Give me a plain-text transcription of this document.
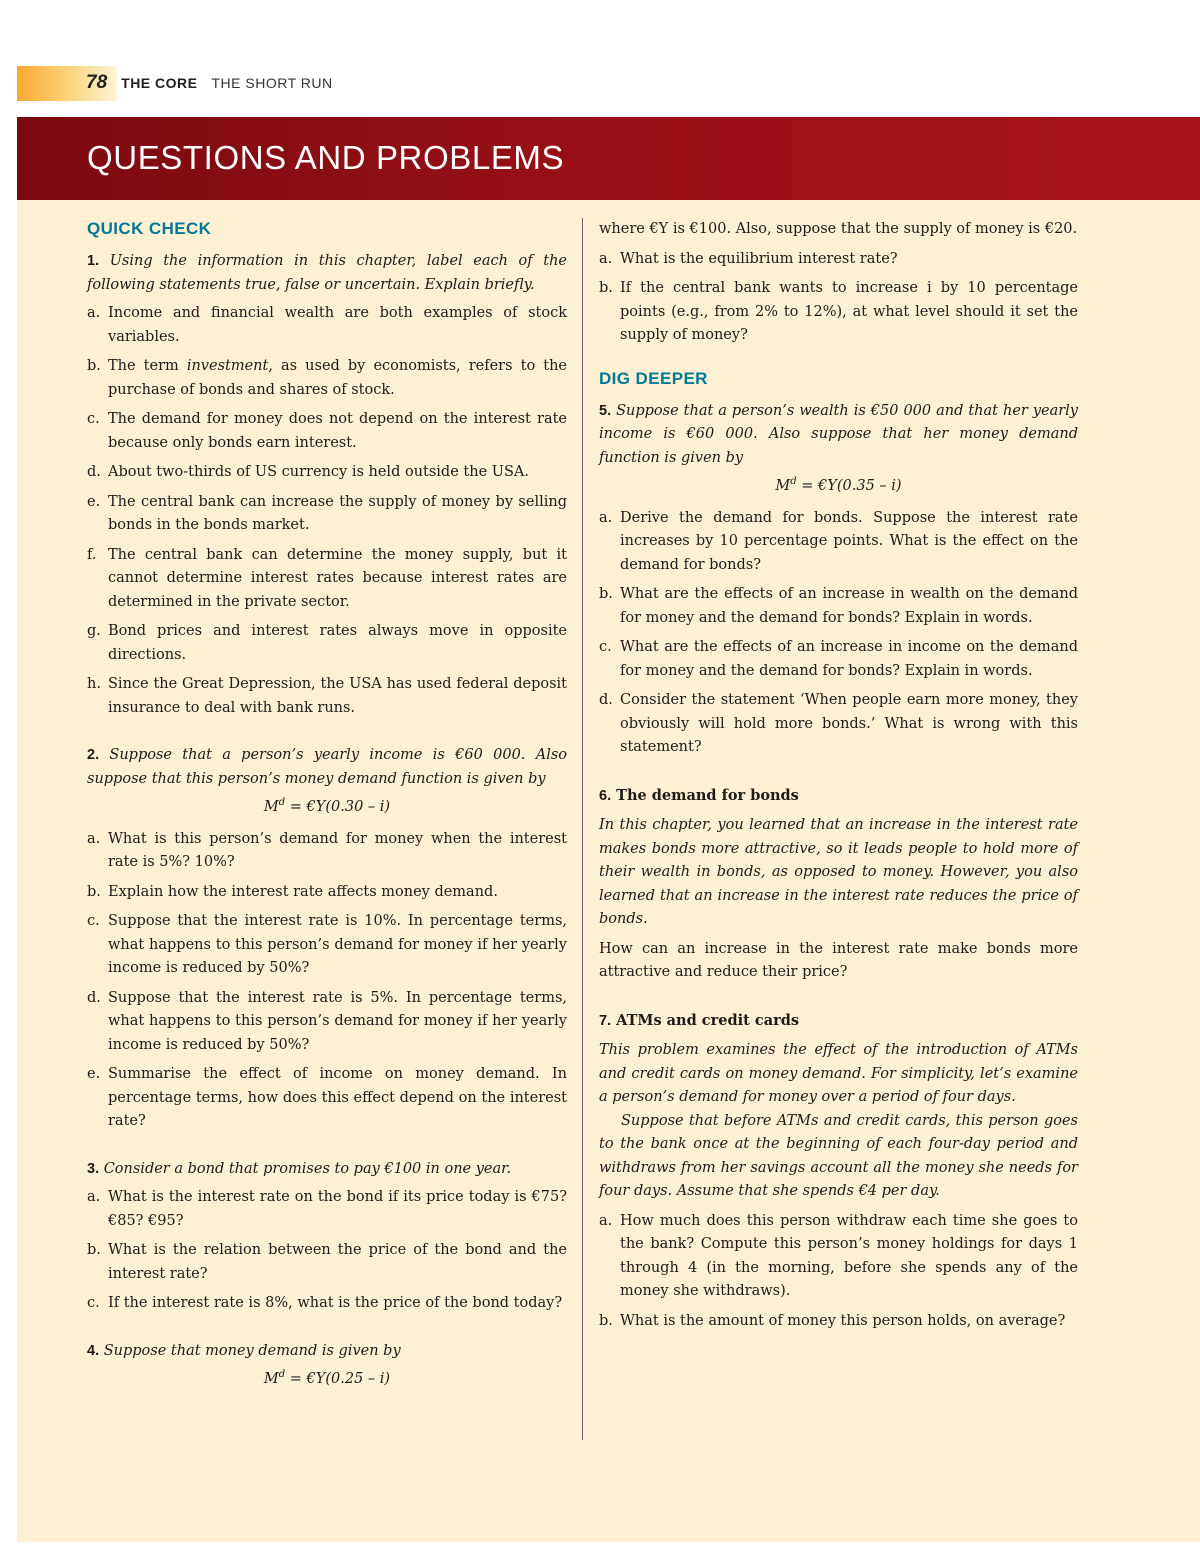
78 THE CORE THE SHORT RUN
QUESTIONS AND PROBLEMS
QUICK CHECK
1. Using the information in this chapter, label each of the following statements true, false or uncertain. Explain briefly.
a. Income and financial wealth are both examples of stock variables.
b. The term investment, as used by economists, refers to the purchase of bonds and shares of stock.
c. The demand for money does not depend on the interest rate because only bonds earn interest.
d. About two-thirds of US currency is held outside the USA.
e. The central bank can increase the supply of money by selling bonds in the bonds market.
f. The central bank can determine the money supply, but it cannot determine interest rates because interest rates are determined in the private sector.
g. Bond prices and interest rates always move in opposite directions.
h. Since the Great Depression, the USA has used federal deposit insurance to deal with bank runs.
2. Suppose that a person’s yearly income is €60 000. Also suppose that this person’s money demand function is given by
$M^d$ = €Y(0.30 – i)
a. What is this person’s demand for money when the interest rate is 5%? 10%?
b. Explain how the interest rate affects money demand.
c. Suppose that the interest rate is 10%. In percentage terms, what happens to this person’s demand for money if her yearly income is reduced by 50%?
d. Suppose that the interest rate is 5%. In percentage terms, what happens to this person’s demand for money if her yearly income is reduced by 50%?
e. Summarise the effect of income on money demand. In percentage terms, how does this effect depend on the interest rate?
3. Consider a bond that promises to pay €100 in one year.
a. What is the interest rate on the bond if its price today is €75? €85? €95?
b. What is the relation between the price of the bond and the interest rate?
c. If the interest rate is 8%, what is the price of the bond today?
4. Suppose that money demand is given by
$M^d$ = €Y(0.25 – i)
where €Y is €100. Also, suppose that the supply of money is €20.
a. What is the equilibrium interest rate?
b. If the central bank wants to increase i by 10 percentage points (e.g., from 2% to 12%), at what level should it set the supply of money?
DIG DEEPER
5. Suppose that a person’s wealth is €50 000 and that her yearly income is €60 000. Also suppose that her money demand function is given by
$M^d$ = €Y(0.35 – i)
a. Derive the demand for bonds. Suppose the interest rate increases by 10 percentage points. What is the effect on the demand for bonds?
b. What are the effects of an increase in wealth on the demand for money and the demand for bonds? Explain in words.
c. What are the effects of an increase in income on the demand for money and the demand for bonds? Explain in words.
d. Consider the statement ‘When people earn more money, they obviously will hold more bonds.’ What is wrong with this statement?
6. The demand for bonds
In this chapter, you learned that an increase in the interest rate makes bonds more attractive, so it leads people to hold more of their wealth in bonds, as opposed to money. However, you also learned that an increase in the interest rate reduces the price of bonds.
How can an increase in the interest rate make bonds more attractive and reduce their price?
7. ATMs and credit cards
This problem examines the effect of the introduction of ATMs and credit cards on money demand. For simplicity, let’s examine a person’s demand for money over a period of four days.
Suppose that before ATMs and credit cards, this person goes to the bank once at the beginning of each four-day period and withdraws from her savings account all the money she needs for four days. Assume that she spends €4 per day.
a. How much does this person withdraw each time she goes to the bank? Compute this person’s money holdings for days 1 through 4 (in the morning, before she spends any of the money she withdraws).
b. What is the amount of money this person holds, on average?
